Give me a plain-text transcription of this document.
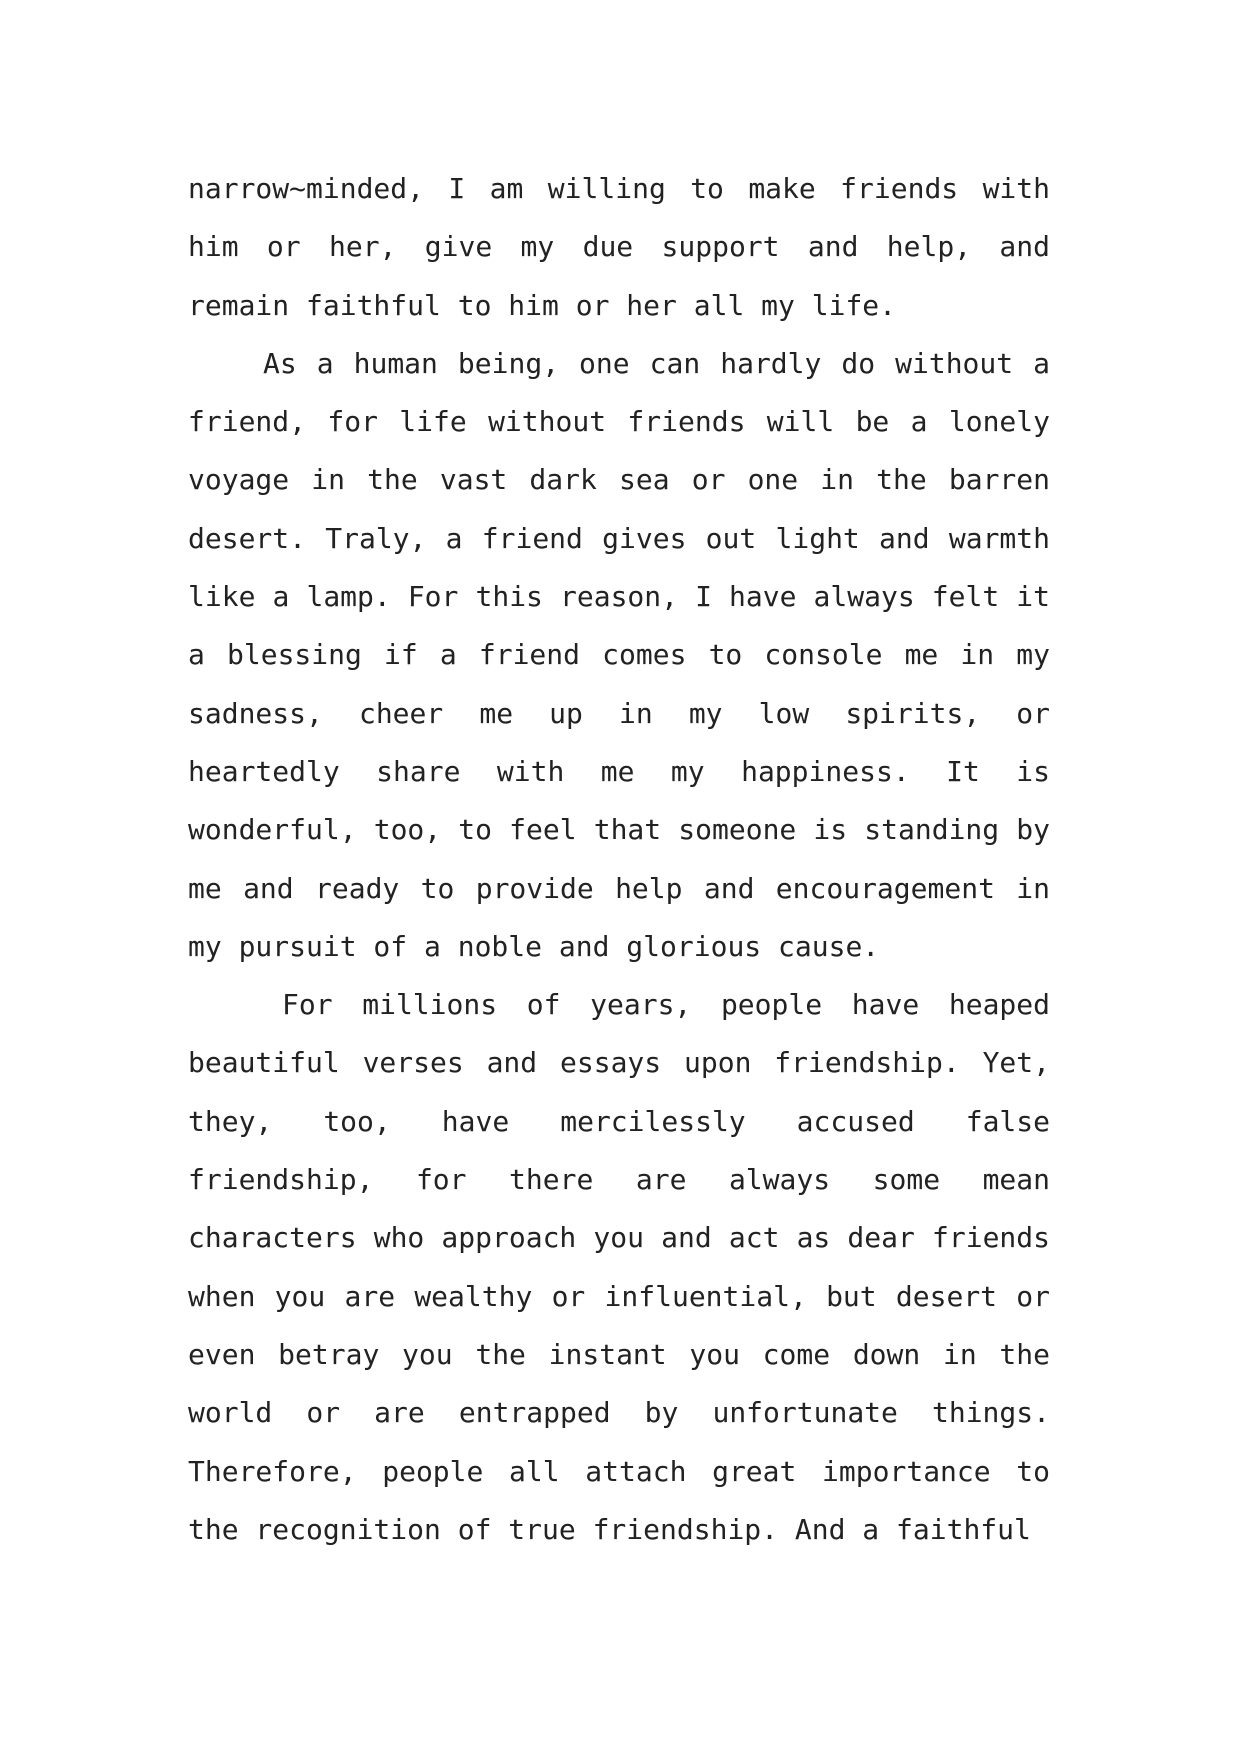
narrow~minded, I am willing to make friends with him or her, give my due support and help, and remain faithful to him or her all my life.

As a human being, one can hardly do without a friend, for life without friends will be a lonely voyage in the vast dark sea or one in the barren desert. Traly, a friend gives out light and warmth like a lamp. For this reason, I have always felt it a blessing if a friend comes to console me in my sadness, cheer me up in my low spirits, or heartedly share with me my happiness. It is wonderful, too, to feel that someone is standing by me and ready to provide help and encouragement in my pursuit of a noble and glorious cause.

For millions of years, people have heaped beautiful verses and essays upon friendship. Yet, they, too, have mercilessly accused false friendship, for there are always some mean characters who approach you and act as dear friends when you are wealthy or influential, but desert or even betray you the instant you come down in the world or are entrapped by unfortunate things. Therefore, people all attach great importance to the recognition of true friendship. And a faithful
